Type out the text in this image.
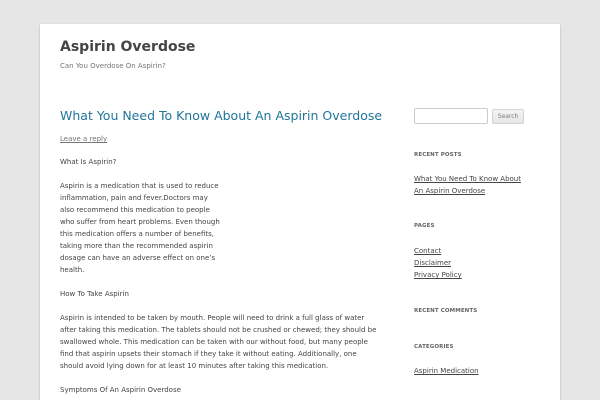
Aspirin Overdose
Can You Overdose On Aspirin?
What You Need To Know About An Aspirin Overdose
Leave a reply

What Is Aspirin?

Aspirin is a medication that is used to reduce inflammation, pain and fever.Doctors may also recommend this medication to people who suffer from heart problems. Even though this medication offers a number of benefits, taking more than the recommended aspirin dosage can have an adverse effect on one’s health.

How To Take Aspirin

Aspirin is intended to be taken by mouth. People will need to drink a full glass of water after taking this medication. The tablets should not be crushed or chewed; they should be swallowed whole. This medication can be taken with our without food, but many people find that aspirin upsets their stomach if they take it without eating. Additionally, one should avoid lying down for at least 10 minutes after taking this medication.

Symptoms Of An Aspirin Overdose

Search
RECENT POSTS
What You Need To Know About An Aspirin Overdose
PAGES
Contact
Disclaimer
Privacy Policy
RECENT COMMENTS
CATEGORIES
Aspirin Medication
